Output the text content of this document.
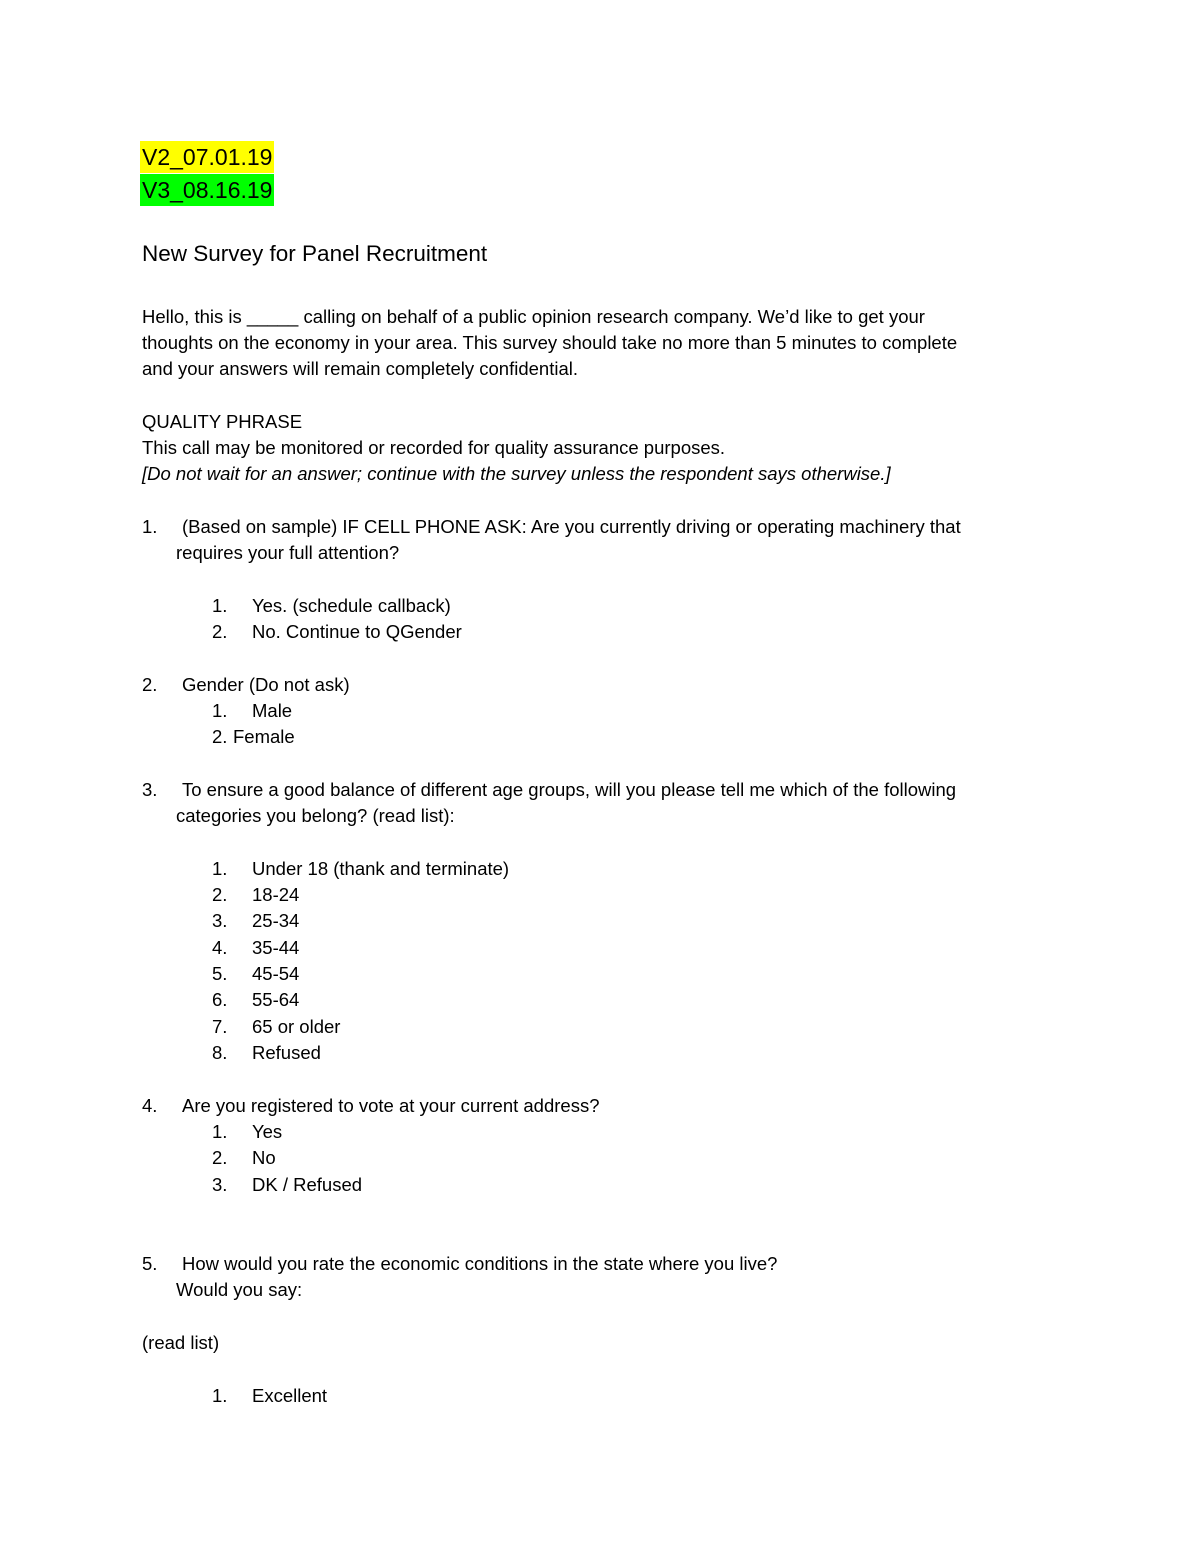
V2_07.01.19
V3_08.16.19
New Survey for Panel Recruitment
Hello, this is _____ calling on behalf of a public opinion research company. We’d like to get your
thoughts on the economy in your area. This survey should take no more than 5 minutes to complete
and your answers will remain completely confidential.
QUALITY PHRASE
This call may be monitored or recorded for quality assurance purposes.
[Do not wait for an answer; continue with the survey unless the respondent says otherwise.]
1. (Based on sample) IF CELL PHONE ASK: Are you currently driving or operating machinery that
requires your full attention?
1. Yes. (schedule callback)
2. No. Continue to QGender
2. Gender (Do not ask)
1. Male
2. Female
3. To ensure a good balance of different age groups, will you please tell me which of the following
categories you belong? (read list):
1. Under 18 (thank and terminate)
2. 18-24
3. 25-34
4. 35-44
5. 45-54
6. 55-64
7. 65 or older
8. Refused
4. Are you registered to vote at your current address?
1. Yes
2. No
3. DK / Refused
5. How would you rate the economic conditions in the state where you live?
Would you say:
(read list)
1. Excellent
